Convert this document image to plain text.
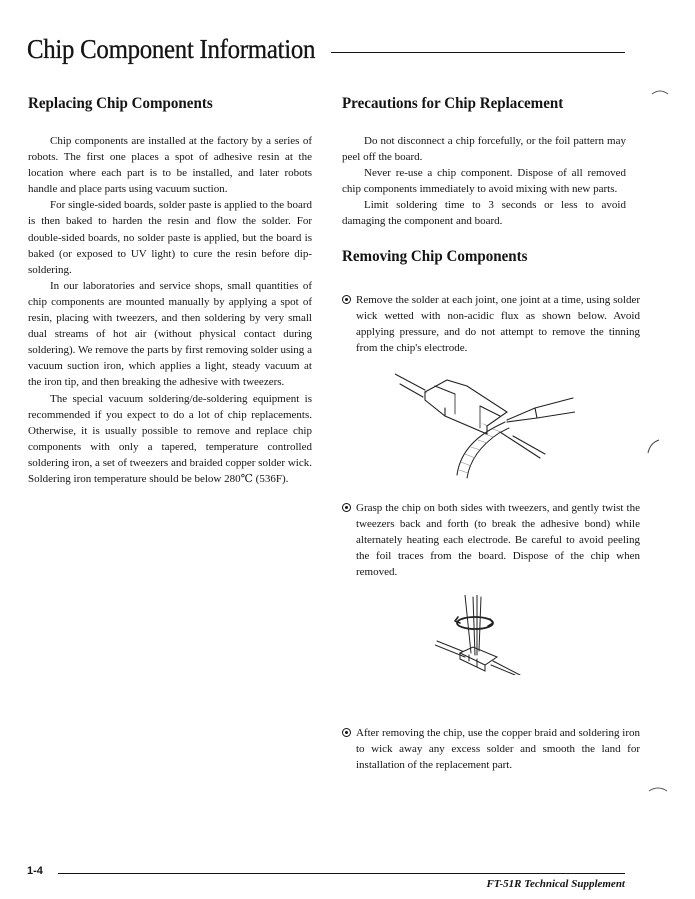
Chip Component Information
Replacing Chip Components

Chip components are installed at the factory by a series of robots. The first one places a spot of adhesive resin at the location where each part is to be installed, and later robots handle and place parts using vacuum suction.

For single-sided boards, solder paste is applied to the board is then baked to harden the resin and flow the solder. For double-sided boards, no solder paste is applied, but the board is baked (or exposed to UV light) to cure the resin before dip-soldering.

In our laboratories and service shops, small quantities of chip components are mounted manually by applying a spot of resin, placing with tweezers, and then soldering by very small dual streams of hot air (without physical contact during soldering). We remove the parts by first removing solder using a vacuum suction iron, which applies a light, steady vacuum at the iron tip, and then breaking the adhesive with tweezers.

The special vacuum soldering/de-soldering equipment is recommended if you expect to do a lot of chip replacements. Otherwise, it is usually possible to remove and replace chip components with only a tapered, temperature controlled soldering iron, a set of tweezers and braided copper solder wick. Soldering iron temperature should be below 280℃ (536F).

Precautions for Chip Replacement

Do not disconnect a chip forcefully, or the foil pattern may peel off the board.

Never re-use a chip component. Dispose of all removed chip components immediately to avoid mixing with new parts.

Limit soldering time to 3 seconds or less to avoid damaging the component and board.

Removing Chip Components
Remove the solder at each joint, one joint at a time, using solder wick wetted with non-acidic flux as shown below. Avoid applying pressure, and do not attempt to remove the tinning from the chip's electrode.
Grasp the chip on both sides with tweezers, and gently twist the tweezers back and forth (to break the adhesive bond) while alternately heating each electrode. Be careful to avoid peeling the foil traces from the board. Dispose of the chip when removed.
After removing the chip, use the copper braid and soldering iron to wick away any excess solder and smooth the land for installation of the replacement part.
1-4
FT-51R Technical Supplement
